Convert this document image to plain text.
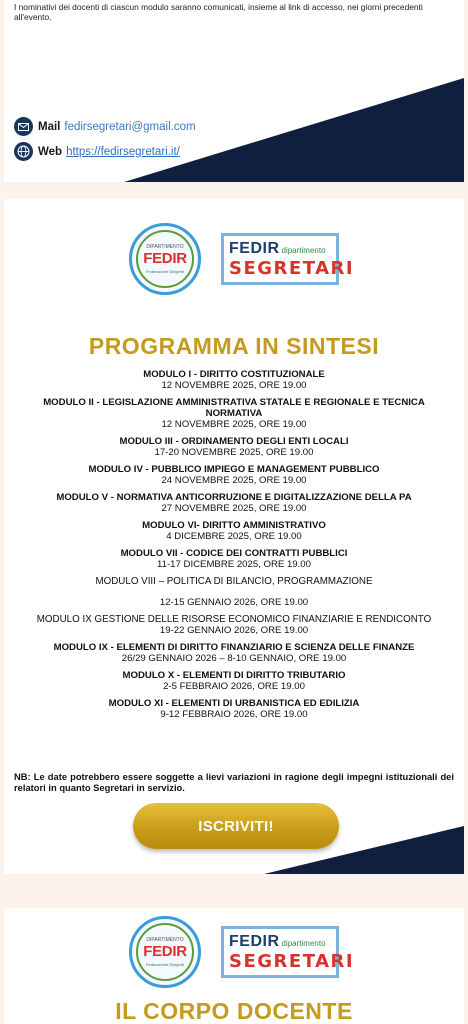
I nominativi dei docenti di ciascun modulo saranno comunicati, insieme al link di accesso, nei giorni precedenti all'evento.

Mail fedirsegretari@gmail.com
Web https://fedirsegretari.it/
DIPARTIMENTO
FEDIR
Federazione Dirigenti
FEDIR dipartimento
SEGRETARI
PROGRAMMA IN SINTESI
MODULO I - DIRITTO COSTITUZIONALE
12 NOVEMBRE 2025, ORE 19.00
MODULO II - LEGISLAZIONE AMMINISTRATIVA STATALE E REGIONALE E TECNICA NORMATIVA
12 NOVEMBRE 2025, ORE 19.00
MODULO III - ORDINAMENTO DEGLI ENTI LOCALI
17-20 NOVEMBRE 2025, ORE 19.00
MODULO IV - PUBBLICO IMPIEGO E MANAGEMENT PUBBLICO
24 NOVEMBRE 2025, ORE 19.00
MODULO V - NORMATIVA ANTICORRUZIONE E DIGITALIZZAZIONE DELLA PA
27 NOVEMBRE 2025, ORE 19.00
MODULO VI- DIRITTO AMMINISTRATIVO
4 DICEMBRE 2025, ORE 19.00
MODULO VII - CODICE DEI CONTRATTI PUBBLICI
11-17 DICEMBRE 2025, ORE 19.00
MODULO VIII – POLITICA DI BILANCIO, PROGRAMMAZIONE
12-15 GENNAIO 2026, ORE 19.00
MODULO IX GESTIONE DELLE RISORSE ECONOMICO FINANZIARIE E RENDICONTO
19-22 GENNAIO 2026, ORE 19.00
MODULO IX - ELEMENTI DI DIRITTO FINANZIARIO E SCIENZA DELLE FINANZE
26/29 GENNAIO 2026 – 8-10 GENNAIO, ORE 19.00
MODULO X - ELEMENTI DI DIRITTO TRIBUTARIO
2-5 FEBBRAIO 2026, ORE 19.00
MODULO XI - ELEMENTI DI URBANISTICA ED EDILIZIA
9-12 FEBBRAIO 2026, ORE 19.00

NB: Le date potrebbero essere soggette a lievi variazioni in ragione degli impegni istituzionali dei relatori in quanto Segretari in servizio.

ISCRIVITI!
DIPARTIMENTO
FEDIR
Federazione Dirigenti
FEDIR dipartimento
SEGRETARI
IL CORPO DOCENTE
